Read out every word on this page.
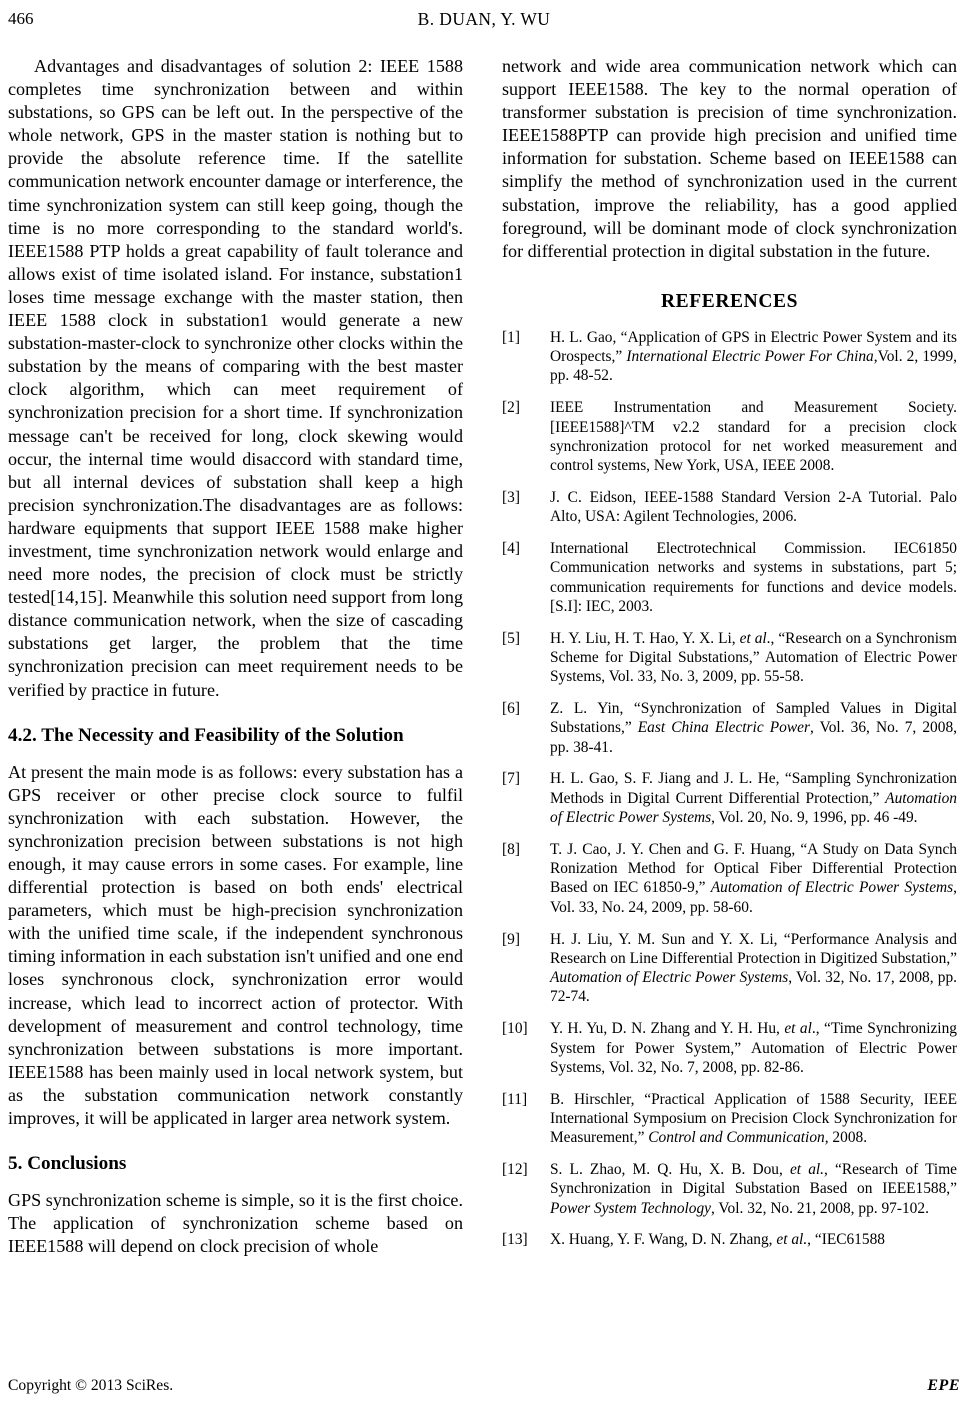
466	B. DUAN, Y. WU

Advantages and disadvantages of solution 2: IEEE 1588 completes time synchronization between and within substations, so GPS can be left out. In the perspective of the whole network, GPS in the master station is nothing but to provide the absolute reference time. If the satellite communication network encounter damage or interference, the time synchronization system can still keep going, though the time is no more corresponding to the standard world's. IEEE1588 PTP holds a great capability of fault tolerance and allows exist of time isolated island. For instance, substation1 loses time message exchange with the master station, then IEEE 1588 clock in substation1 would generate a new substation-master-clock to synchronize other clocks within the substation by the means of comparing with the best master clock algorithm, which can meet requirement of synchronization precision for a short time. If synchronization message can't be received for long, clock skewing would occur, the internal time would disaccord with standard time, but all internal devices of substation shall keep a high precision synchronization.The disadvantages are as follows: hardware equipments that support IEEE 1588 make higher investment, time synchronization network would enlarge and need more nodes, the precision of clock must be strictly tested[14,15]. Meanwhile this solution need support from long distance communication network, when the size of cascading substations get larger, the problem that the time synchronization precision can meet requirement needs to be verified by practice in future.

4.2. The Necessity and Feasibility of the Solution

At present the main mode is as follows: every substation has a GPS receiver or other precise clock source to fulfil synchronization with each substation. However, the synchronization precision between substations is not high enough, it may cause errors in some cases. For example, line differential protection is based on both ends' electrical parameters, which must be high-precision synchronization with the unified time scale, if the independent synchronous timing information in each substation isn't unified and one end loses synchronous clock, synchronization error would increase, which lead to incorrect action of protector. With development of measurement and control technology, time synchronization between substations is more important. IEEE1588 has been mainly used in local network system, but as the substation communication network constantly improves, it will be applicated in larger area network system.

5. Conclusions

GPS synchronization scheme is simple, so it is the first choice. The application of synchronization scheme based on IEEE1588 will depend on clock precision of whole

network and wide area communication network which can support IEEE1588. The key to the normal operation of transformer substation is precision of time synchronization. IEEE1588PTP can provide high precision and unified time information for substation. Scheme based on IEEE1588 can simplify the method of synchronization used in the current substation, improve the reliability, has a good applied foreground, will be dominant mode of clock synchronization for differential protection in digital substation in the future.

REFERENCES
[1]	H. L. Gao, “Application of GPS in Electric Power System and its Orospects,” International Electric Power For China,Vol. 2, 1999, pp. 48-52.
[2]	IEEE Instrumentation and Measurement Society. [IEEE1588]^TM v2.2 standard for a precision clock synchronization protocol for net worked measurement and control systems, New York, USA, IEEE 2008.
[3]	J. C. Eidson, IEEE-1588 Standard Version 2-A Tutorial. Palo Alto, USA: Agilent Technologies, 2006.
[4]	International Electrotechnical Commission. IEC61850 Communication networks and systems in substations, part 5; communication requirements for functions and device models. [S.I]: IEC, 2003.
[5]	H. Y. Liu, H. T. Hao, Y. X. Li, et al., “Research on a Synchronism Scheme for Digital Substations,” Automation of Electric Power Systems, Vol. 33, No. 3, 2009, pp. 55-58.
[6]	Z. L. Yin, “Synchronization of Sampled Values in Digital Substations,” East China Electric Power, Vol. 36, No. 7, 2008, pp. 38-41.
[7]	H. L. Gao, S. F. Jiang and J. L. He, “Sampling Synchronization Methods in Digital Current Differential Protection,” Automation of Electric Power Systems, Vol. 20, No. 9, 1996, pp. 46 -49.
[8]	T. J. Cao, J. Y. Chen and G. F. Huang, “A Study on Data Synch Ronization Method for Optical Fiber Differential Protection Based on IEC 61850-9,” Automation of Electric Power Systems, Vol. 33, No. 24, 2009, pp. 58-60.
[9]	H. J. Liu, Y. M. Sun and Y. X. Li, “Performance Analysis and Research on Line Differential Protection in Digitized Substation,” Automation of Electric Power Systems, Vol. 32, No. 17, 2008, pp. 72-74.
[10]	Y. H. Yu, D. N. Zhang and Y. H. Hu, et al., “Time Synchronizing System for Power System,” Automation of Electric Power Systems, Vol. 32, No. 7, 2008, pp. 82-86.
[11]	B. Hirschler, “Practical Application of 1588 Security, IEEE International Symposium on Precision Clock Synchronization for Measurement,” Control and Communication, 2008.
[12]	S. L. Zhao, M. Q. Hu, X. B. Dou, et al., “Research of Time Synchronization in Digital Substation Based on IEEE1588,” Power System Technology, Vol. 32, No. 21, 2008, pp. 97-102.
[13]	X. Huang, Y. F. Wang, D. N. Zhang, et al., “IEC61588
Copyright © 2013 SciRes.	EPE
